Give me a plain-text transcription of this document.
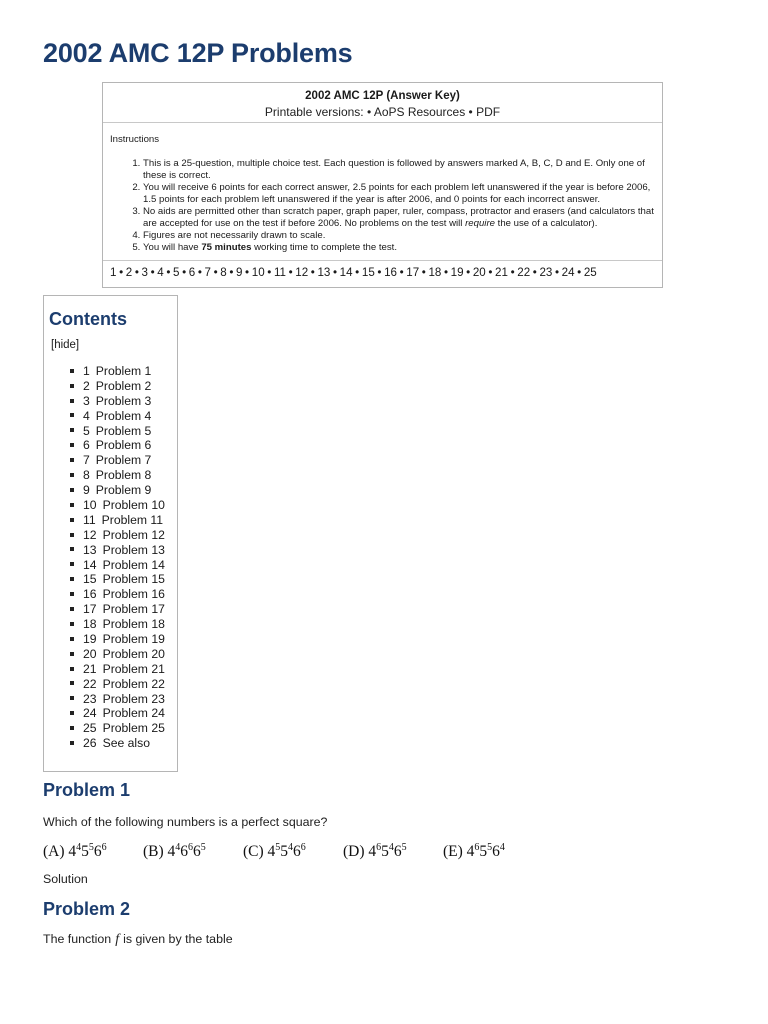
2002 AMC 12P Problems
2002 AMC 12P (Answer Key)
Printable versions: • AoPS Resources • PDF
Instructions
1. This is a 25-question, multiple choice test. Each question is followed by answers marked A, B, C, D and E. Only one of these is correct.
2. You will receive 6 points for each correct answer, 2.5 points for each problem left unanswered if the year is before 2006, 1.5 points for each problem left unanswered if the year is after 2006, and 0 points for each incorrect answer.
3. No aids are permitted other than scratch paper, graph paper, ruler, compass, protractor and erasers (and calculators that are accepted for use on the test if before 2006. No problems on the test will require the use of a calculator).
4. Figures are not necessarily drawn to scale.
5. You will have 75 minutes working time to complete the test.
1 • 2 • 3 • 4 • 5 • 6 • 7 • 8 • 9 • 10 • 11 • 12 • 13 • 14 • 15 • 16 • 17 • 18 • 19 • 20 • 21 • 22 • 23 • 24 • 25
Contents
[hide]
1 Problem 1
2 Problem 2
3 Problem 3
4 Problem 4
5 Problem 5
6 Problem 6
7 Problem 7
8 Problem 8
9 Problem 9
10 Problem 10
11 Problem 11
12 Problem 12
13 Problem 13
14 Problem 14
15 Problem 15
16 Problem 16
17 Problem 17
18 Problem 18
19 Problem 19
20 Problem 20
21 Problem 21
22 Problem 22
23 Problem 23
24 Problem 24
25 Problem 25
26 See also
Problem 1
Which of the following numbers is a perfect square?
(A) $4^45^56^6$	(B) $4^46^66^5$	(C) $4^55^46^6$	(D) $4^65^46^5$	(E) $4^65^56^4$
Solution
Problem 2
The function f is given by the table
